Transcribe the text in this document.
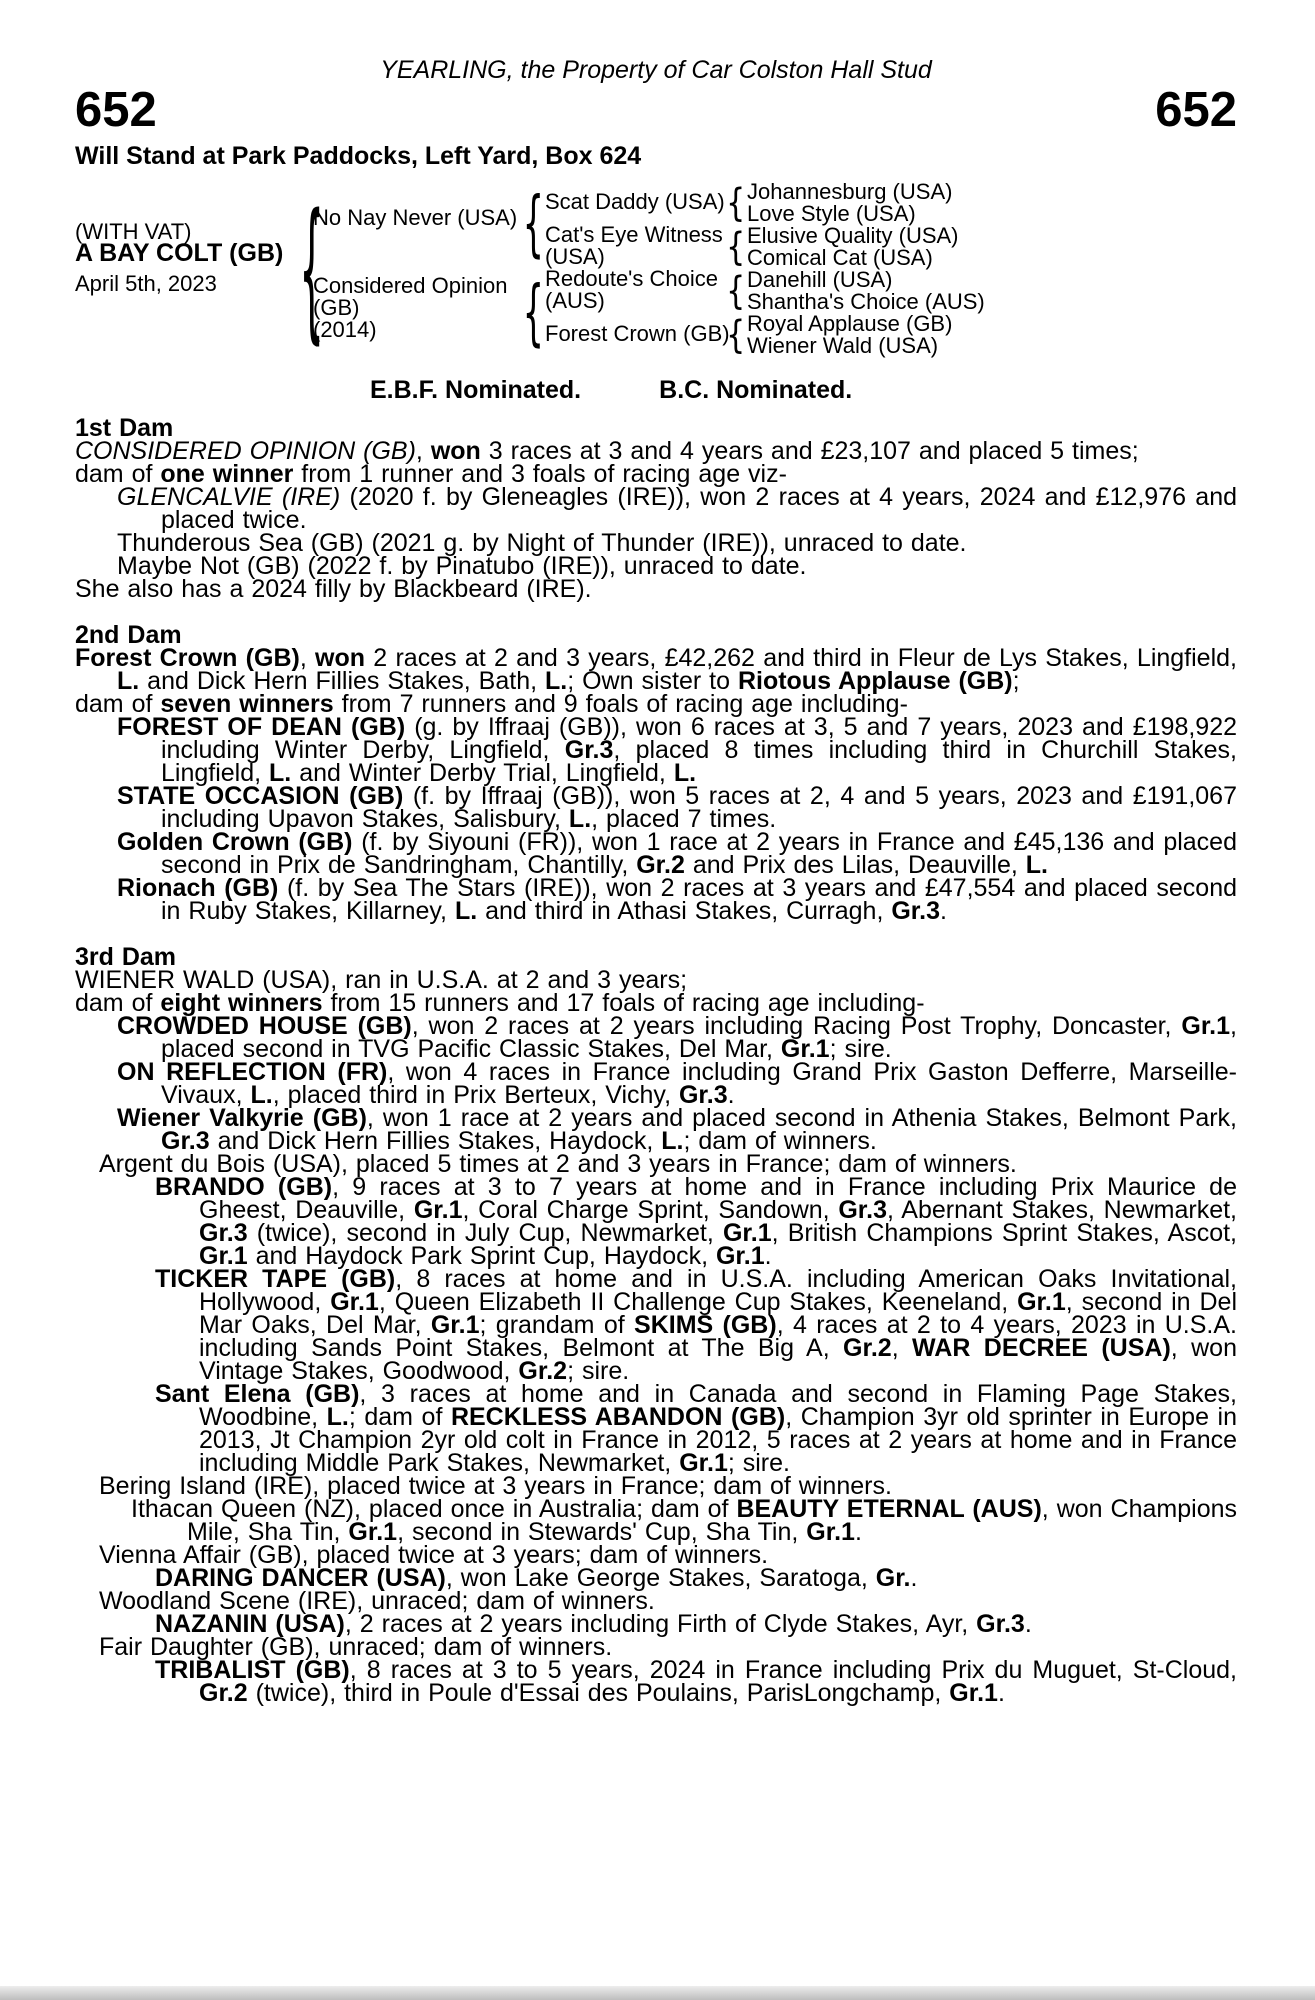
YEARLING, the Property of Car Colston Hall Stud
652	652
Will Stand at Park Paddocks, Left Yard, Box 624
(WITH VAT)
A BAY COLT (GB)
April 5th, 2023
{
{
{
{
{
{
{
No Nay Never (USA)
Considered Opinion
(GB)
(2014)
Scat Daddy (USA)
Cat's Eye Witness
(USA)
Redoute's Choice
(AUS)
Forest Crown (GB)
Johannesburg (USA)
Love Style (USA)
Elusive Quality (USA)
Comical Cat (USA)
Danehill (USA)
Shantha's Choice (AUS)
Royal Applause (GB)
Wiener Wald (USA)
E.B.F. Nominated.	B.C. Nominated.
1st Dam
CONSIDERED OPINION (GB), won 3 races at 3 and 4 years and £23,107 and placed 5 times;
dam of one winner from 1 runner and 3 foals of racing age viz-
GLENCALVIE (IRE) (2020 f. by Gleneagles (IRE)), won 2 races at 4 years, 2024 and £12,976 and placed twice.
Thunderous Sea (GB) (2021 g. by Night of Thunder (IRE)), unraced to date.
Maybe Not (GB) (2022 f. by Pinatubo (IRE)), unraced to date.
She also has a 2024 filly by Blackbeard (IRE).
2nd Dam
Forest Crown (GB), won 2 races at 2 and 3 years, £42,262 and third in Fleur de Lys Stakes, Lingfield, L. and Dick Hern Fillies Stakes, Bath, L.; Own sister to Riotous Applause (GB);
dam of seven winners from 7 runners and 9 foals of racing age including-
FOREST OF DEAN (GB) (g. by Iffraaj (GB)), won 6 races at 3, 5 and 7 years, 2023 and £198,922 including Winter Derby, Lingfield, Gr.3, placed 8 times including third in Churchill Stakes, Lingfield, L. and Winter Derby Trial, Lingfield, L.
STATE OCCASION (GB) (f. by Iffraaj (GB)), won 5 races at 2, 4 and 5 years, 2023 and £191,067 including Upavon Stakes, Salisbury, L., placed 7 times.
Golden Crown (GB) (f. by Siyouni (FR)), won 1 race at 2 years in France and £45,136 and placed second in Prix de Sandringham, Chantilly, Gr.2 and Prix des Lilas, Deauville, L.
Rionach (GB) (f. by Sea The Stars (IRE)), won 2 races at 3 years and £47,554 and placed second in Ruby Stakes, Killarney, L. and third in Athasi Stakes, Curragh, Gr.3.
3rd Dam
WIENER WALD (USA), ran in U.S.A. at 2 and 3 years;
dam of eight winners from 15 runners and 17 foals of racing age including-
CROWDED HOUSE (GB), won 2 races at 2 years including Racing Post Trophy, Doncaster, Gr.1, placed second in TVG Pacific Classic Stakes, Del Mar, Gr.1; sire.
ON REFLECTION (FR), won 4 races in France including Grand Prix Gaston Defferre, Marseille-Vivaux, L., placed third in Prix Berteux, Vichy, Gr.3.
Wiener Valkyrie (GB), won 1 race at 2 years and placed second in Athenia Stakes, Belmont Park, Gr.3 and Dick Hern Fillies Stakes, Haydock, L.; dam of winners.
Argent du Bois (USA), placed 5 times at 2 and 3 years in France; dam of winners.
BRANDO (GB), 9 races at 3 to 7 years at home and in France including Prix Maurice de Gheest, Deauville, Gr.1, Coral Charge Sprint, Sandown, Gr.3, Abernant Stakes, Newmarket, Gr.3 (twice), second in July Cup, Newmarket, Gr.1, British Champions Sprint Stakes, Ascot, Gr.1 and Haydock Park Sprint Cup, Haydock, Gr.1.
TICKER TAPE (GB), 8 races at home and in U.S.A. including American Oaks Invitational, Hollywood, Gr.1, Queen Elizabeth II Challenge Cup Stakes, Keeneland, Gr.1, second in Del Mar Oaks, Del Mar, Gr.1; grandam of SKIMS (GB), 4 races at 2 to 4 years, 2023 in U.S.A. including Sands Point Stakes, Belmont at The Big A, Gr.2, WAR DECREE (USA), won Vintage Stakes, Goodwood, Gr.2; sire.
Sant Elena (GB), 3 races at home and in Canada and second in Flaming Page Stakes, Woodbine, L.; dam of RECKLESS ABANDON (GB), Champion 3yr old sprinter in Europe in 2013, Jt Champion 2yr old colt in France in 2012, 5 races at 2 years at home and in France including Middle Park Stakes, Newmarket, Gr.1; sire.
Bering Island (IRE), placed twice at 3 years in France; dam of winners.
Ithacan Queen (NZ), placed once in Australia; dam of BEAUTY ETERNAL (AUS), won Champions Mile, Sha Tin, Gr.1, second in Stewards' Cup, Sha Tin, Gr.1.
Vienna Affair (GB), placed twice at 3 years; dam of winners.
DARING DANCER (USA), won Lake George Stakes, Saratoga, Gr..
Woodland Scene (IRE), unraced; dam of winners.
NAZANIN (USA), 2 races at 2 years including Firth of Clyde Stakes, Ayr, Gr.3.
Fair Daughter (GB), unraced; dam of winners.
TRIBALIST (GB), 8 races at 3 to 5 years, 2024 in France including Prix du Muguet, St-Cloud, Gr.2 (twice), third in Poule d'Essai des Poulains, ParisLongchamp, Gr.1.
